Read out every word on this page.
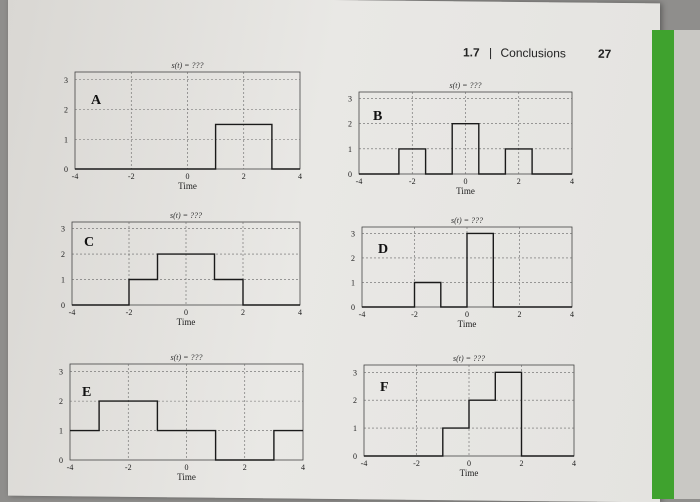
1.7 | Conclusions	27
s(t) = ???
-4	-2	0	2	4
0
1
2
3
Time
A
s(t) = ???
-4	-2	0	2	4
0
1
2
3
Time
B
s(t) = ???
-4	-2	0	2	4
0
1
2
3
Time
C
s(t) = ???
-4	-2	0	2	4
0
1
2
3
Time
D
s(t) = ???
-4	-2	0	2	4
0
1
2
3
Time
E
s(t) = ???
-4	-2	0	2	4
0
1
2
3
Time
F
